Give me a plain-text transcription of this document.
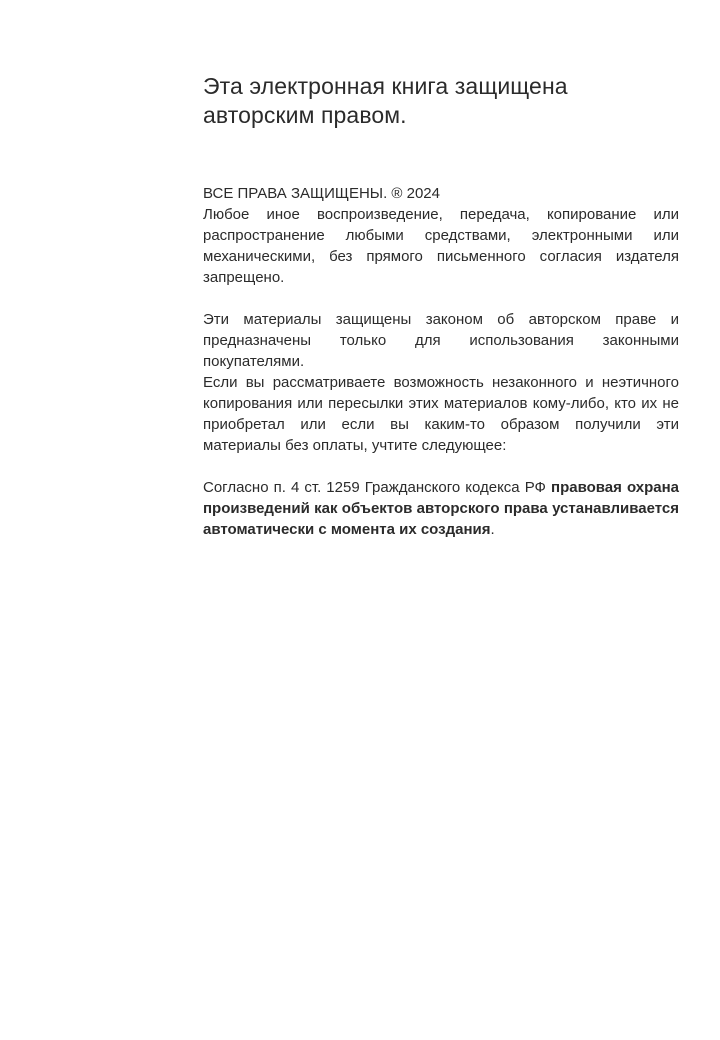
Эта электронная книга защищена авторским правом.

ВСЕ ПРАВА ЗАЩИЩЕНЫ. ® 2024

Любое иное воспроизведение, передача, копирование или распространение любыми средствами, электронными или механическими, без прямого письменного согласия издателя запрещено.

Эти материалы защищены законом об авторском праве и предназначены только для использования законными покупателями.

Если вы рассматриваете возможность незаконного и неэтичного копирования или пересылки этих материалов кому-либо, кто их не приобретал или если вы каким-то образом получили эти материалы без оплаты, учтите следующее:

Согласно п. 4 ст. 1259 Гражданского кодекса РФ правовая охрана произведений как объектов авторского права устанавливается автоматически с момента их создания.
